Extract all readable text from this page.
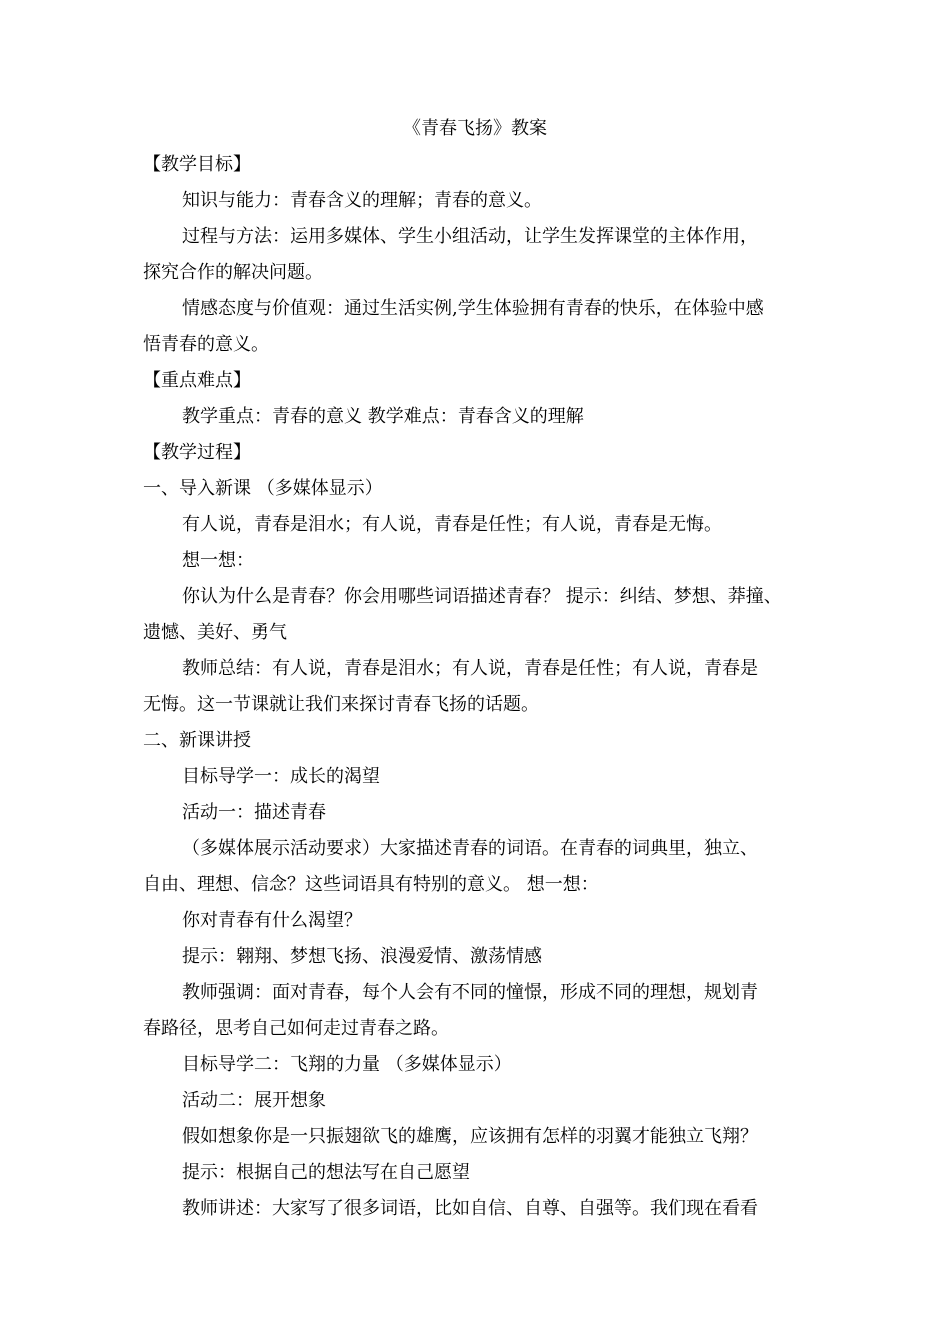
《青春飞扬》教案
【教学目标】
知识与能力：青春含义的理解；青春的意义。
过程与方法：运用多媒体、学生小组活动，让学生发挥课堂的主体作用，
探究合作的解决问题。
情感态度与价值观：通过生活实例,学生体验拥有青春的快乐，在体验中感
悟青春的意义。
【重点难点】
教学重点：青春的意义 教学难点：青春含义的理解
【教学过程】
一、导入新课 （多媒体显示）
有人说，青春是泪水；有人说，青春是任性；有人说，青春是无悔。
想一想：
你认为什么是青春？你会用哪些词语描述青春？ 提示：纠结、梦想、莽撞、
遗憾、美好、勇气
教师总结：有人说，青春是泪水；有人说，青春是任性；有人说，青春是
无悔。这一节课就让我们来探讨青春飞扬的话题。
二、新课讲授
目标导学一：成长的渴望
活动一：描述青春
（多媒体展示活动要求）大家描述青春的词语。在青春的词典里，独立、
自由、理想、信念？这些词语具有特别的意义。 想一想：
你对青春有什么渴望？
提示：翱翔、梦想飞扬、浪漫爱情、激荡情感
教师强调：面对青春，每个人会有不同的憧憬，形成不同的理想，规划青
春路径，思考自己如何走过青春之路。
目标导学二：飞翔的力量 （多媒体显示）
活动二：展开想象
假如想象你是一只振翅欲飞的雄鹰，应该拥有怎样的羽翼才能独立飞翔？
提示：根据自己的想法写在自己愿望
教师讲述：大家写了很多词语，比如自信、自尊、自强等。我们现在看看
